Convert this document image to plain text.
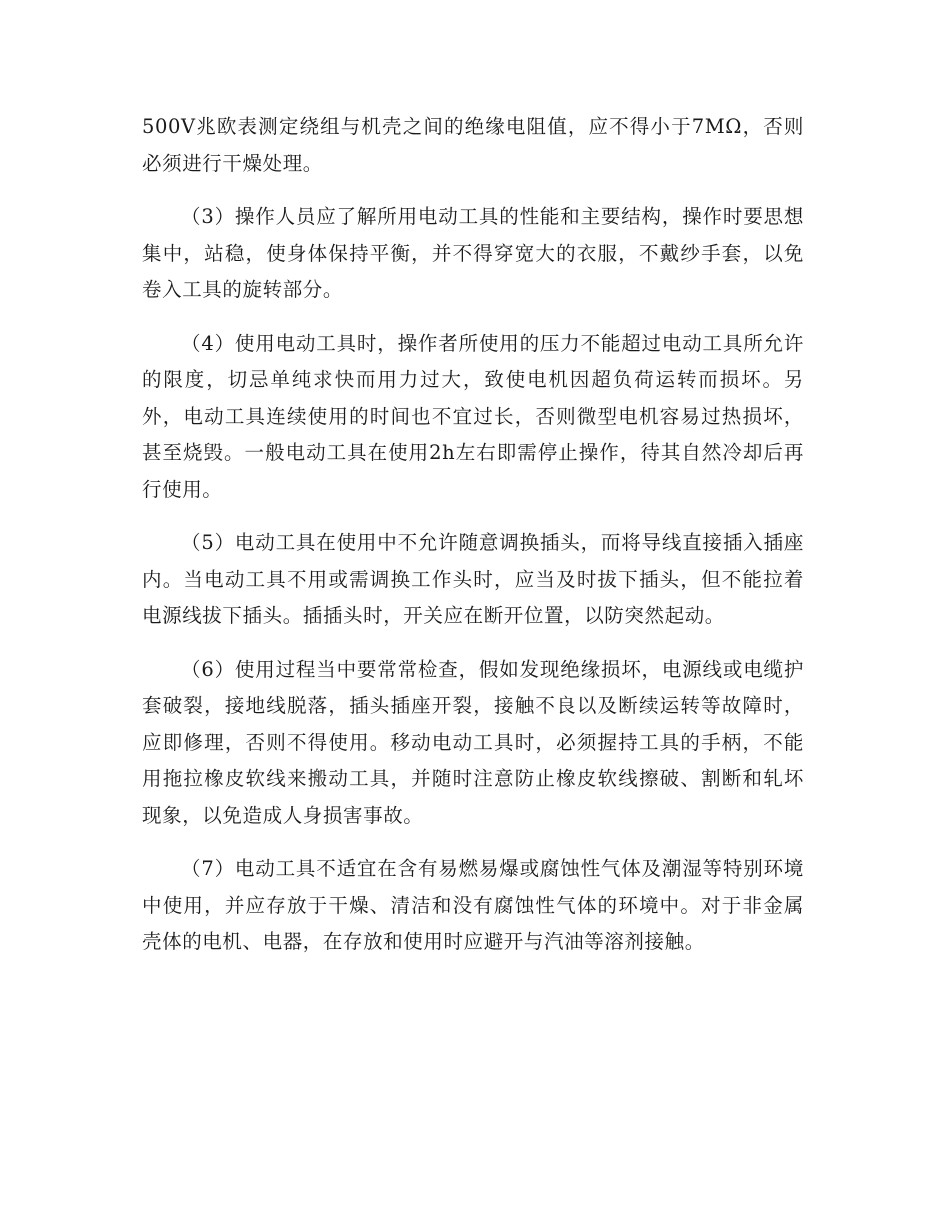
500V兆欧表测定绕组与机壳之间的绝缘电阻值，应不得小于7MΩ，否则必须进行干燥处理。

（3）操作人员应了解所用电动工具的性能和主要结构，操作时要思想集中，站稳，使身体保持平衡，并不得穿宽大的衣服，不戴纱手套，以免卷入工具的旋转部分。

（4）使用电动工具时，操作者所使用的压力不能超过电动工具所允许的限度，切忌单纯求快而用力过大，致使电机因超负荷运转而损坏。另外，电动工具连续使用的时间也不宜过长，否则微型电机容易过热损坏，甚至烧毁。一般电动工具在使用2h左右即需停止操作，待其自然冷却后再行使用。

（5）电动工具在使用中不允许随意调换插头，而将导线直接插入插座内。当电动工具不用或需调换工作头时，应当及时拔下插头，但不能拉着电源线拔下插头。插插头时，开关应在断开位置，以防突然起动。

（6）使用过程当中要常常检查，假如发现绝缘损坏，电源线或电缆护套破裂，接地线脱落，插头插座开裂，接触不良以及断续运转等故障时，应即修理，否则不得使用。移动电动工具时，必须握持工具的手柄，不能用拖拉橡皮软线来搬动工具，并随时注意防止橡皮软线擦破、割断和轧坏现象，以免造成人身损害事故。

（7）电动工具不适宜在含有易燃易爆或腐蚀性气体及潮湿等特别环境中使用，并应存放于干燥、清洁和没有腐蚀性气体的环境中。对于非金属壳体的电机、电器，在存放和使用时应避开与汽油等溶剂接触。
